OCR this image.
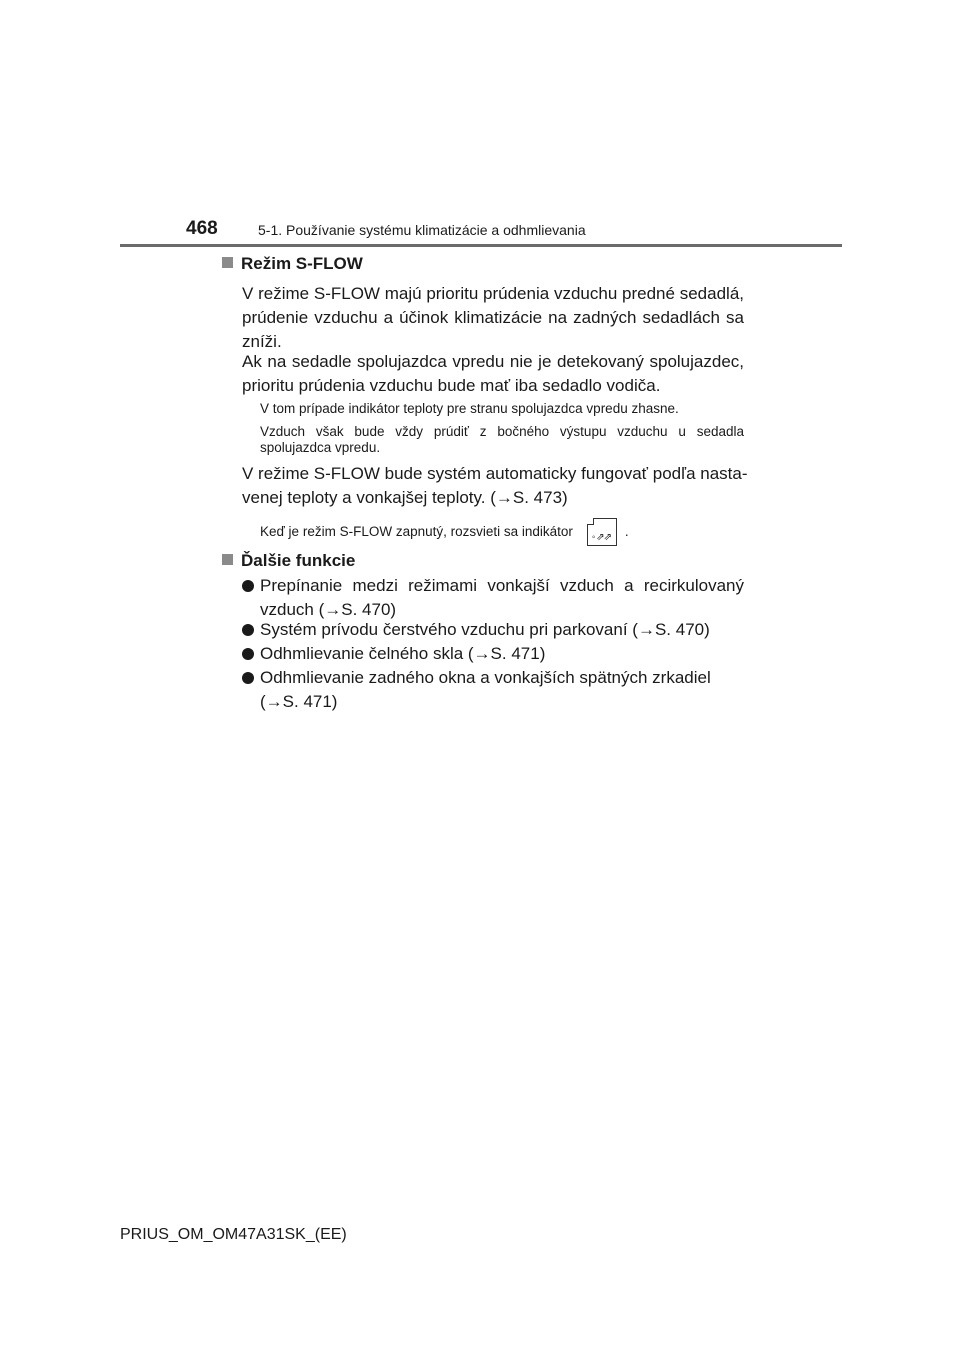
468	5-1. Používanie systému klimatizácie a odhmlievania
Režim S-FLOW
V režime S-FLOW majú prioritu prúdenia vzduchu predné sedadlá,
prúdenie vzduchu a účinok klimatizácie na zadných sedadlách sa
zníži.
Ak na sedadle spolujazdca vpredu nie je detekovaný spolujazdec,
prioritu prúdenia vzduchu bude mať iba sedadlo vodiča.
V tom prípade indikátor teploty pre stranu spolujazdca vpredu zhasne.
Vzduch však bude vždy prúdiť z bočného výstupu vzduchu u sedadla
spolujazdca vpredu.
V režime S-FLOW bude systém automaticky fungovať podľa nasta-
venej teploty a vonkajšej teploty. (→S. 473)
Keď je režim S-FLOW zapnutý, rozsvieti sa indikátor ◦ ⇗⇗ .
Ďalšie funkcie
Prepínanie medzi režimami vonkajší vzduch a recirkulovaný
vzduch (→S. 470)
Systém prívodu čerstvého vzduchu pri parkovaní (→S. 470)
Odhmlievanie čelného skla (→S. 471)
Odhmlievanie zadného okna a vonkajších spätných zrkadiel
(→S. 471)
PRIUS_OM_OM47A31SK_(EE)
